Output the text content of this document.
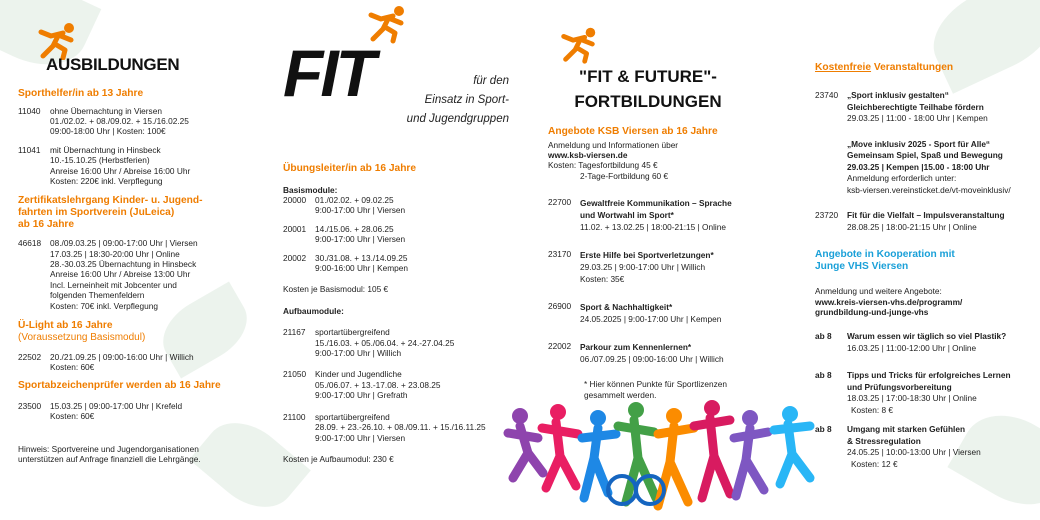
AUSBILDUNGEN
Sporthelfer/in ab 13 Jahre
11040	ohne Übernachtung in Viersen
01./02.02. + 08./09.02. + 15./16.02.25
09:00-18:00 Uhr | Kosten: 100€
11041	mit Übernachtung in Hinsbeck
10.-15.10.25 (Herbstferien)
Anreise 16:00 Uhr / Abreise 16:00 Uhr
Kosten: 220€ inkl. Verpflegung
Zertifikatslehrgang Kinder- u. Jugend-
fahrten im Sportverein (JuLeica)
ab 16 Jahre
46618	08./09.03.25 | 09:00-17:00 Uhr | Viersen
17.03.25 | 18:30-20:00 Uhr | Online
28.-30.03.25 Übernachtung in Hinsbeck
Anreise 16:00 Uhr / Abreise 13:00 Uhr
Incl. Lerneinheit mit Jobcenter und
folgenden Themenfeldern
Kosten: 70€ inkl. Verpflegung
Ü-Light ab 16 Jahre
(Voraussetzung Basismodul)
22502	20./21.09.25 | 09:00-16:00 Uhr | Willich
Kosten: 60€
Sportabzeichenprüfer werden ab 16 Jahre
23500	15.03.25 | 09:00-17:00 Uhr | Krefeld
Kosten: 60€
Hinweis: Sportvereine und Jugendorganisationen
unterstützen auf Anfrage finanziell die Lehrgänge.
FIT	für den
Einsatz in Sport-
und Jugendgruppen
Übungsleiter/in ab 16 Jahre
Basismodule:
20000	01./02.02. + 09.02.25
9:00-17:00 Uhr | Viersen
20001	14./15.06. + 28.06.25
9:00-17:00 Uhr | Viersen
20002	30./31.08. + 13./14.09.25
9:00-16:00 Uhr | Kempen
Kosten je Basismodul: 105 €
Aufbaumodule:
21167	sportartübergreifend
15./16.03. + 05./06.04. + 24.-27.04.25
9:00-17:00 Uhr | Willich
21050	Kinder und Jugendliche
05./06.07. + 13.-17.08. + 23.08.25
9:00-17:00 Uhr | Grefrath
21100	sportartübergreifend
28.09. + 23.-26.10. + 08./09.11. + 15./16.11.25
9:00-17:00 Uhr | Viersen
Kosten je Aufbaumodul: 230 €
"FIT & FUTURE"-
FORTBILDUNGEN
Angebote KSB Viersen ab 16 Jahre
Anmeldung und Informationen über
www.ksb-viersen.de
Kosten: Tagesfortbildung 45 €
2-Tage-Fortbildung 60 €
22700	Gewaltfreie Kommunikation – Sprache
und Wortwahl im Sport*
11.02. + 13.02.25 | 18:00-21:15 | Online
23170	Erste Hilfe bei Sportverletzungen*
29.03.25 | 9:00-17:00 Uhr | Willich
Kosten: 35€
26900	Sport & Nachhaltigkeit*
24.05.2025 | 9:00-17:00 Uhr | Kempen
22002	Parkour zum Kennenlernen*
06./07.09.25 | 09:00-16:00 Uhr | Willich
* Hier können Punkte für Sportlizenzen
gesammelt werden.
Kostenfreie Veranstaltungen
23740	„Sport inklusiv gestalten“
Gleichberechtigte Teilhabe fördern
29.03.25 | 11:00 - 18:00 Uhr | Kempen
„Move inklusiv 2025 - Sport für Alle“
Gemeinsam Spiel, Spaß und Bewegung
29.03.25 | Kempen |15.00 - 18:00 Uhr
Anmeldung erforderlich unter:
ksb-viersen.vereinsticket.de/vt-moveinklusiv/
23720	Fit für die Vielfalt – Impulsveranstaltung
28.08.25 | 18:00-21:15 Uhr | Online
Angebote in Kooperation mit
Junge VHS Viersen
Anmeldung und weitere Angebote:
www.kreis-viersen-vhs.de/programm/
grundbildung-und-junge-vhs
ab 8	Warum essen wir täglich so viel Plastik?
16.03.25 | 11:00-12:00 Uhr | Online
ab 8	Tipps und Tricks für erfolgreiches Lernen
und Prüfungsvorbereitung
18.03.25 | 17:00-18:30 Uhr | Online
Kosten: 8 €
ab 8	Umgang mit starken Gefühlen
& Stressregulation
24.05.25 | 10:00-13:00 Uhr | Viersen
Kosten: 12 €
